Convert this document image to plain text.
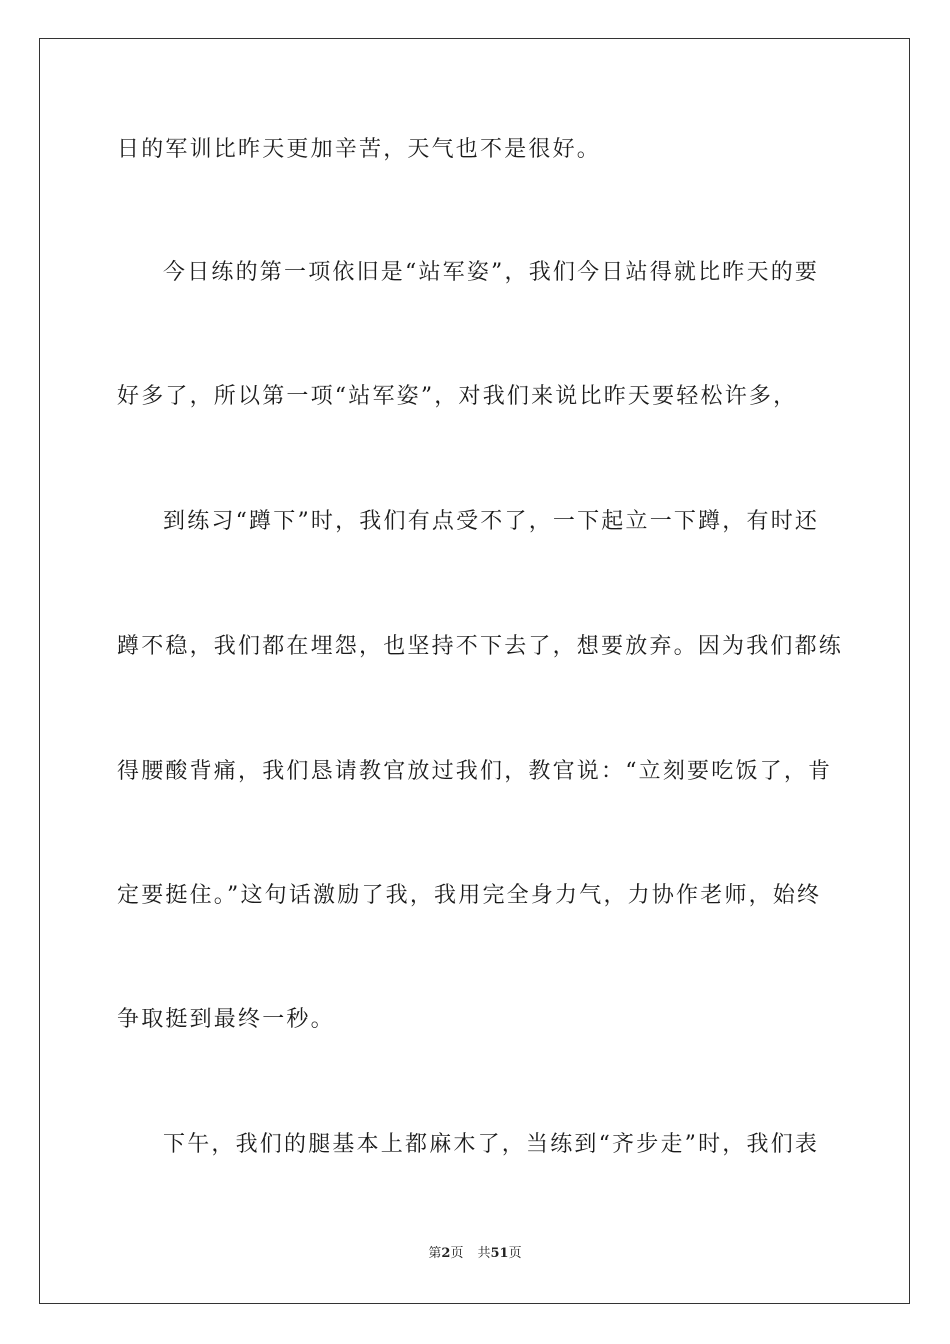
日的军训比昨天更加辛苦，天气也不是很好。
今日练的第一项依旧是“站军姿”，我们今日站得就比昨天的要
好多了，所以第一项“站军姿”，对我们来说比昨天要轻松许多，
到练习“蹲下”时，我们有点受不了，一下起立一下蹲，有时还
蹲不稳，我们都在埋怨，也坚持不下去了，想要放弃。因为我们都练
得腰酸背痛，我们恳请教官放过我们，教官说：“立刻要吃饭了，肯
定要挺住。”这句话激励了我，我用完全身力气，力协作老师，始终
争取挺到最终一秒。
下午，我们的腿基本上都麻木了，当练到“齐步走”时，我们表
第2页 共51页
